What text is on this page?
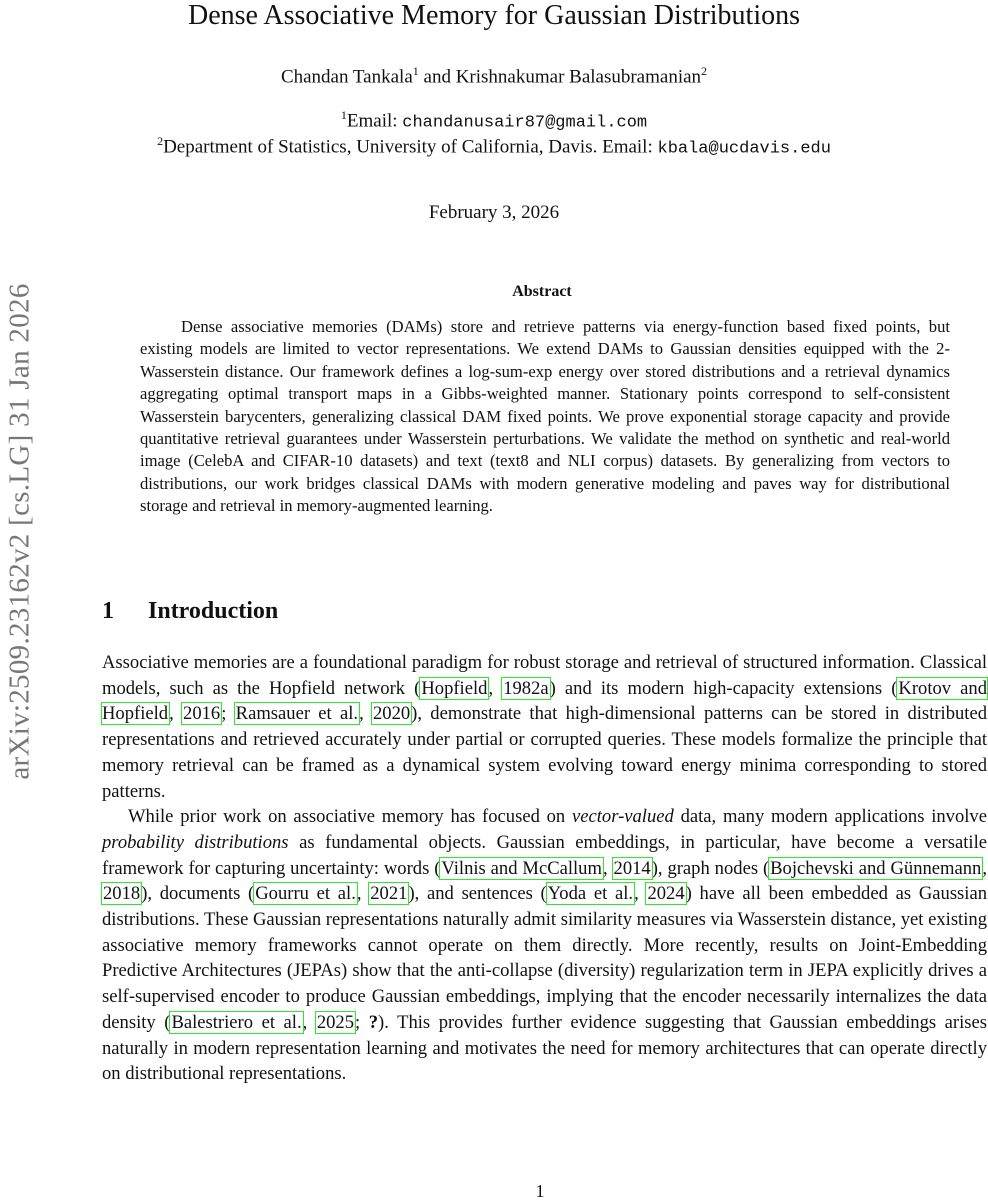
arXiv:2509.23162v2 [cs.LG] 31 Jan 2026
Dense Associative Memory for Gaussian Distributions
Chandan Tankala$^1$ and Krishnakumar Balasubramanian$^2$
$^1$Email: chandanusair87@gmail.com
$^2$Department of Statistics, University of California, Davis. Email: kbala@ucdavis.edu
February 3, 2026
Abstract
Dense associative memories (DAMs) store and retrieve patterns via energy-function based fixed points, but existing models are limited to vector representations. We extend DAMs to Gaussian densities equipped with the 2-Wasserstein distance. Our framework defines a log-sum-exp energy over stored distributions and a retrieval dynamics aggregating optimal transport maps in a Gibbs-weighted manner. Stationary points correspond to self-consistent Wasserstein barycenters, generalizing classical DAM fixed points. We prove exponential storage capacity and provide quantitative retrieval guarantees under Wasserstein perturbations. We validate the method on synthetic and real-world image (CelebA and CIFAR-10 datasets) and text (text8 and NLI corpus) datasets. By generalizing from vectors to distributions, our work bridges classical DAMs with modern generative modeling and paves way for distributional storage and retrieval in memory-augmented learning.
1 Introduction

Associative memories are a foundational paradigm for robust storage and retrieval of structured information. Classical models, such as the Hopfield network (Hopfield, 1982a) and its modern high-capacity extensions (Krotov and Hopfield, 2016; Ramsauer et al., 2020), demonstrate that high-dimensional patterns can be stored in distributed representations and retrieved accurately under partial or corrupted queries. These models formalize the principle that memory retrieval can be framed as a dynamical system evolving toward energy minima corresponding to stored patterns.

While prior work on associative memory has focused on vector-valued data, many modern applications involve probability distributions as fundamental objects. Gaussian embeddings, in particular, have become a versatile framework for capturing uncertainty: words (Vilnis and McCallum, 2014), graph nodes (Bojchevski and Günnemann, 2018), documents (Gourru et al., 2021), and sentences (Yoda et al., 2024) have all been embedded as Gaussian distributions. These Gaussian representations naturally admit similarity measures via Wasserstein distance, yet existing associative memory frameworks cannot operate on them directly. More recently, results on Joint-Embedding Predictive Architectures (JEPAs) show that the anti-collapse (diversity) regularization term in JEPA explicitly drives a self-supervised encoder to produce Gaussian embeddings, implying that the encoder necessarily internalizes the data density (Balestriero et al., 2025; ?). This provides further evidence suggesting that Gaussian embeddings arises naturally in modern representation learning and motivates the need for memory architectures that can operate directly on distributional representations.

1
